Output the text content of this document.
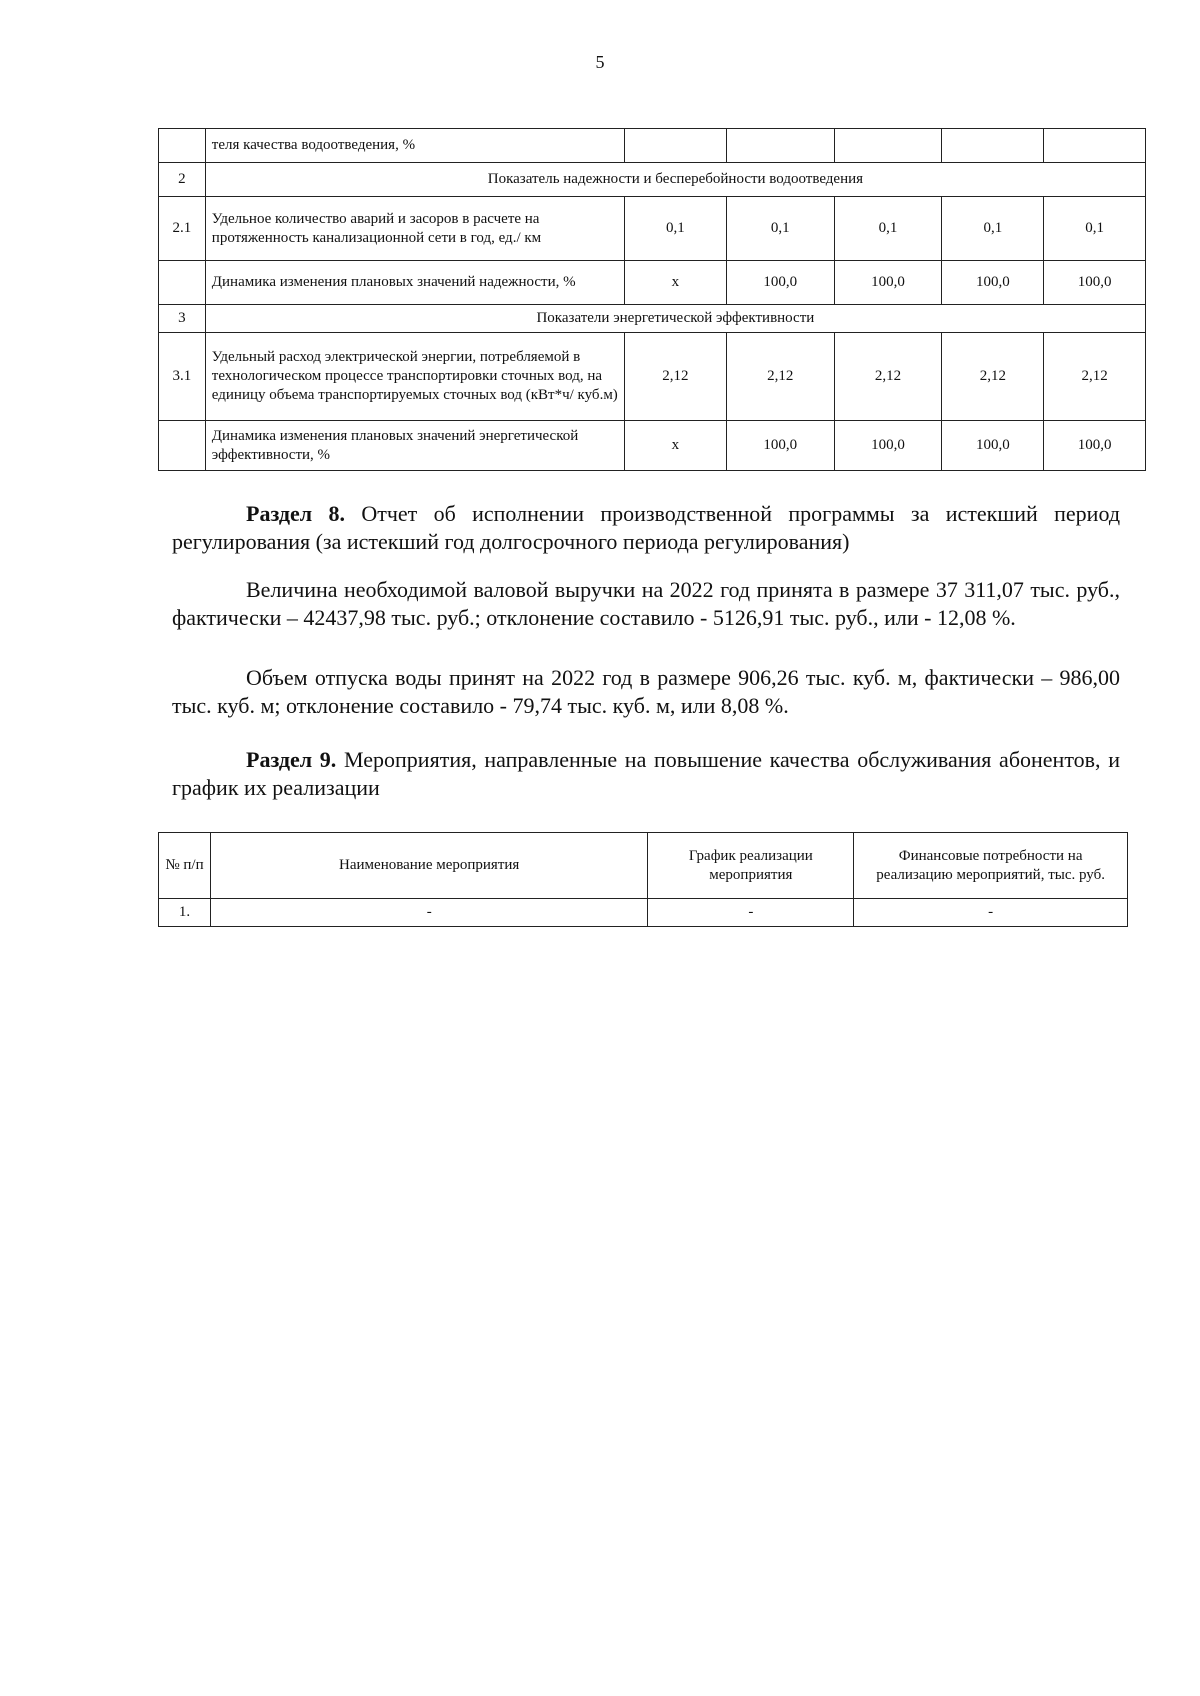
5
	теля качества водоотведения, %					
2	Показатель надежности и бесперебойности водоотведения					
2.1	Удельное количество аварий и засоров в расчете на протяженность канализационной сети в год, ед./ км	0,1	0,1	0,1	0,1	0,1
	Динамика изменения плановых значений надежности, %	х	100,0	100,0	100,0	100,0
3	Показатели энергетической эффективности					
3.1	Удельный расход электрической энергии, потребляемой в технологическом процессе транспортировки сточных вод, на единицу объема транспортируемых сточных вод (кВт*ч/ куб.м)	2,12	2,12	2,12	2,12	2,12
	Динамика изменения плановых значений энергетической эффективности, %	х	100,0	100,0	100,0	100,0

Раздел 8. Отчет об исполнении производственной программы за истекший период регулирования (за истекший год долгосрочного периода регулирования)

Величина необходимой валовой выручки на 2022 год принята в размере 37 311,07 тыс. руб., фактически – 42437,98 тыс. руб.; отклонение составило - 5126,91 тыс. руб., или - 12,08 %.

Объем отпуска воды принят на 2022 год в размере 906,26 тыс. куб. м, фактически – 986,00 тыс. куб. м; отклонение составило - 79,74 тыс. куб. м, или 8,08 %.

Раздел 9. Мероприятия, направленные на повышение качества обслуживания абонентов, и график их реализации

№ п/п	Наименование мероприятия	График реализации мероприятия	Финансовые потребности на реализацию мероприятий, тыс. руб.
1.	-	-	-
